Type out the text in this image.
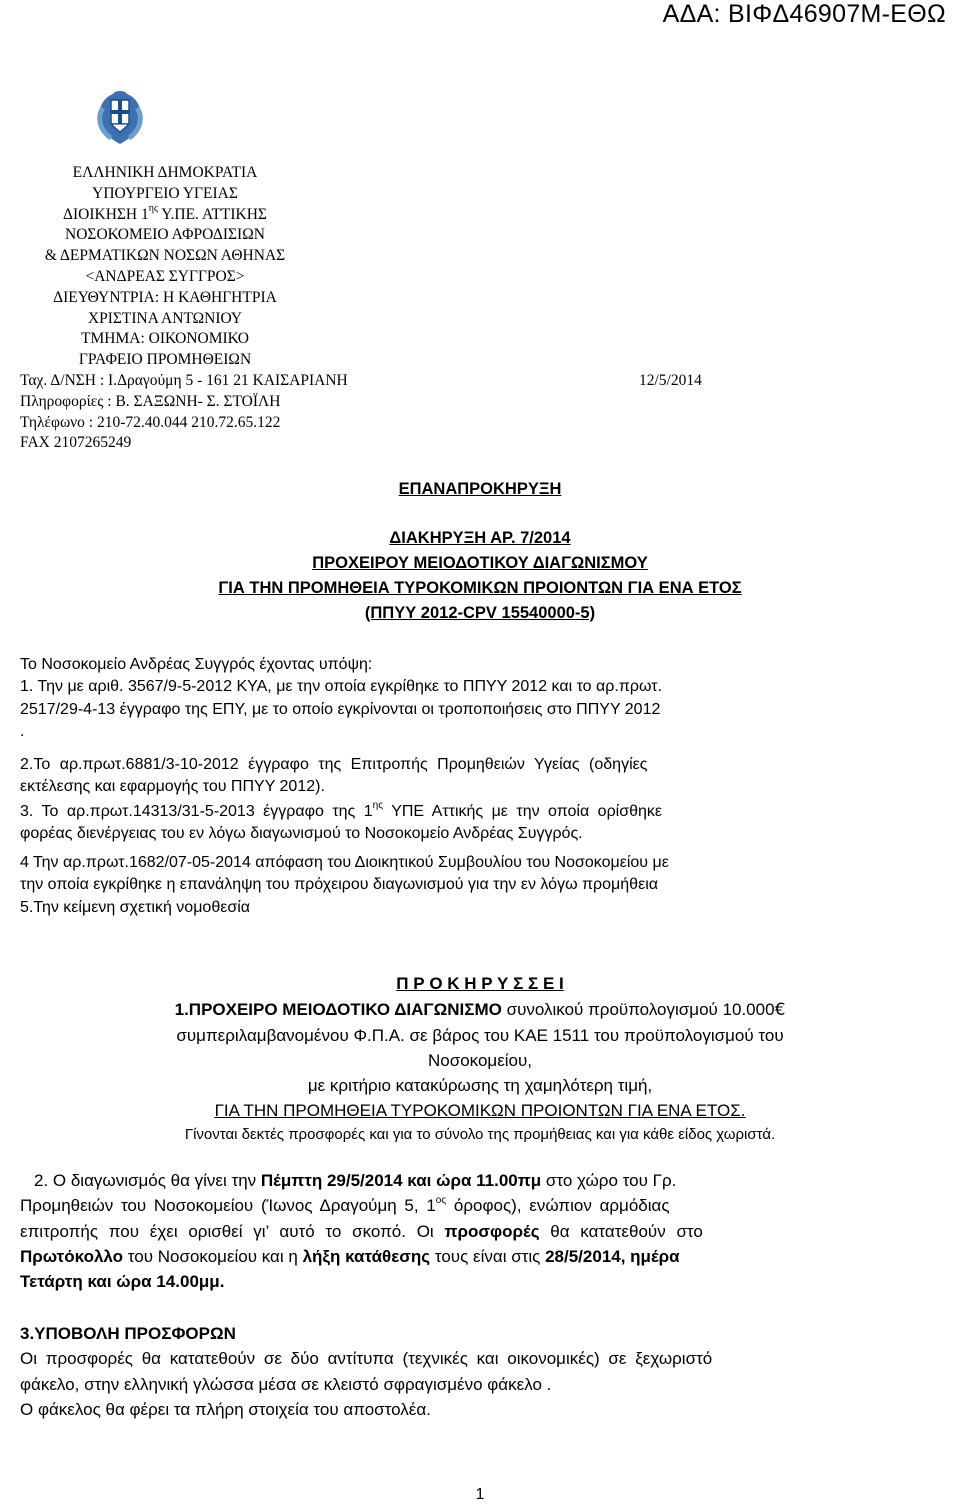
ΑΔΑ: ΒΙΦΔ46907Μ-ΕΘΩ
ΕΛΛΗΝΙΚΗ ΔΗΜΟΚΡΑΤΙΑ
ΥΠΟΥΡΓΕΙΟ ΥΓΕΙΑΣ
ΔΙΟΙΚΗΣΗ $1^{\eta\varsigma}$ Υ.ΠΕ. ΑΤΤΙΚΗΣ
ΝΟΣΟΚΟΜΕΙΟ ΑΦΡΟΔΙΣΙΩΝ
& ΔΕΡΜΑΤΙΚΩΝ ΝΟΣΩΝ ΑΘΗΝΑΣ
<ΑΝΔΡΕΑΣ ΣΥΓΓΡΟΣ>
ΔΙΕΥΘΥΝΤΡΙΑ: Η ΚΑΘΗΓΗΤΡΙΑ
ΧΡΙΣΤΙΝΑ ΑΝΤΩΝΙΟΥ
ΤΜΗΜΑ: ΟΙΚΟΝΟΜΙΚΟ
ΓΡΑΦΕΙΟ ΠΡΟΜΗΘΕΙΩΝ
Ταχ. Δ/ΝΣΗ : Ι.Δραγούμη 5 - 161 21 ΚΑΙΣΑΡΙΑΝΗ
Πληροφορίες : Β. ΣΑΞΩΝΗ- Σ. ΣΤΟΪΛΗ
Τηλέφωνο : 210-72.40.044 210.72.65.122
FAX 2107265249
12/5/2014
ΕΠΑΝΑΠΡΟΚΗΡΥΞΗ
ΔΙΑΚΗΡΥΞΗ ΑΡ. 7/2014
ΠΡΟΧΕΙΡΟΥ ΜΕΙΟΔΟΤΙΚΟΥ ΔΙΑΓΩΝΙΣΜΟΥ
ΓΙΑ ΤΗΝ ΠΡΟΜΗΘΕΙΑ ΤΥΡΟΚΟΜΙΚΩΝ ΠΡΟΙΟΝΤΩΝ ΓΙΑ ΕΝΑ ΕΤΟΣ
(ΠΠΥΥ 2012-CPV 15540000-5)
Το Νοσοκομείο Ανδρέας Συγγρός έχοντας υπόψη:
1. Την με αριθ. 3567/9-5-2012 ΚΥΑ, με την οποία εγκρίθηκε το ΠΠΥΥ 2012 και το αρ.πρωτ.
2517/29-4-13 έγγραφο της ΕΠΥ, με το οποίο εγκρίνονται οι τροποποιήσεις στο ΠΠΥΥ 2012
.
2.Το αρ.πρωτ.6881/3-10-2012 έγγραφο της Επιτροπής Προμηθειών Υγείας (οδηγίες
εκτέλεσης και εφαρμογής του ΠΠΥΥ 2012).
3. Το αρ.πρωτ.14313/31-5-2013 έγγραφο της $1^{\eta\varsigma}$ ΥΠΕ Αττικής με την οποία ορίσθηκε
φορέας διενέργειας του εν λόγω διαγωνισμού το Νοσοκομείο Ανδρέας Συγγρός.
4 Την αρ.πρωτ.1682/07-05-2014 απόφαση του Διοικητικού Συμβουλίου του Νοσοκομείου με
την οποία εγκρίθηκε η επανάληψη του πρόχειρου διαγωνισμού για την εν λόγω προμήθεια
5.Την κείμενη σχετική νομοθεσία
Π Ρ Ο Κ Η Ρ Υ Σ Σ Ε Ι
1.ΠΡΟΧΕΙΡΟ ΜΕΙΟΔΟΤΙΚΟ ΔΙΑΓΩΝΙΣΜΟ συνολικού προϋπολογισμού 10.000€
συμπεριλαμβανομένου Φ.Π.Α. σε βάρος του ΚΑΕ 1511 του προϋπολογισμού του
Νοσοκομείου,
με κριτήριο κατακύρωσης τη χαμηλότερη τιμή,
ΓΙΑ ΤΗΝ ΠΡΟΜΗΘΕΙΑ ΤΥΡΟΚΟΜΙΚΩΝ ΠΡΟΙΟΝΤΩΝ ΓΙΑ ΕΝΑ ΕΤΟΣ.
Γίνονται δεκτές προσφορές και για το σύνολο της προμήθειας και για κάθε είδος χωριστά.
2. Ο διαγωνισμός θα γίνει την Πέμπτη 29/5/2014 και ώρα 11.00πμ στο χώρο του Γρ.
Προμηθειών του Νοσοκομείου (Ίωνος Δραγούμη 5, $1^{o\varsigma}$ όροφος), ενώπιον αρμόδιας
επιτροπής που έχει ορισθεί γι’ αυτό το σκοπό. Οι προσφορές θα κατατεθούν στο
Πρωτόκολλο του Νοσοκομείου και η λήξη κατάθεσης τους είναι στις 28/5/2014, ημέρα
Τετάρτη και ώρα 14.00μμ.
3.ΥΠΟΒΟΛΗ ΠΡΟΣΦΟΡΩΝ
Οι προσφορές θα κατατεθούν σε δύο αντίτυπα (τεχνικές και οικονομικές) σε ξεχωριστό
φάκελο, στην ελληνική γλώσσα μέσα σε κλειστό σφραγισμένο φάκελο .
Ο φάκελος θα φέρει τα πλήρη στοιχεία του αποστολέα.
1
